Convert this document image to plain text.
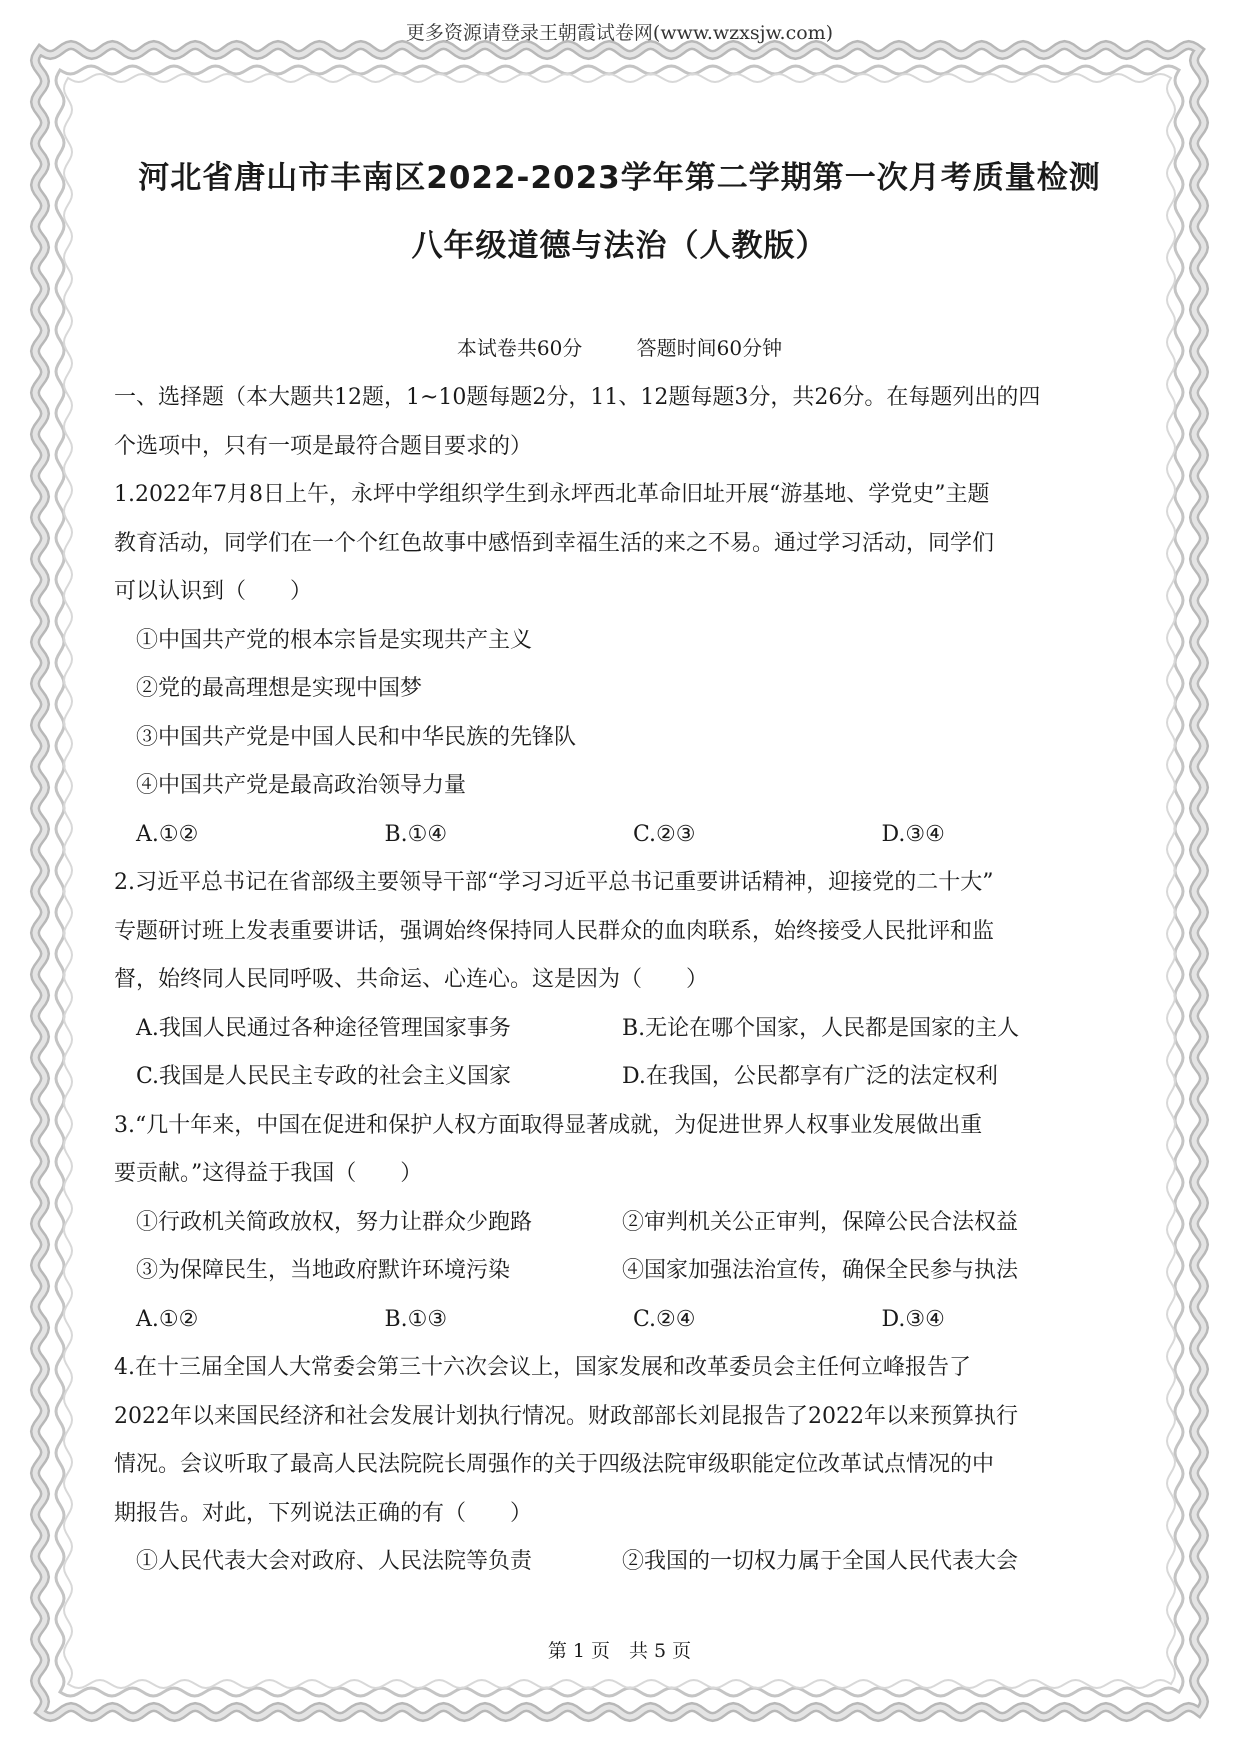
更多资源请登录王朝霞试卷网(www.wzxsjw.com)
河北省唐山市丰南区2022-2023学年第二学期第一次月考质量检测
八年级道德与法治（人教版）
本试卷共60分	答题时间60分钟

一、选择题（本大题共12题，1~10题每题2分，11、12题每题3分，共26分。在每题列出的四

个选项中，只有一项是最符合题目要求的）

1.2022年7月8日上午，永坪中学组织学生到永坪西北革命旧址开展“游基地、学党史”主题

教育活动，同学们在一个个红色故事中感悟到幸福生活的来之不易。通过学习活动，同学们

可以认识到（　　）

①中国共产党的根本宗旨是实现共产主义

②党的最高理想是实现中国梦

③中国共产党是中国人民和中华民族的先锋队

④中国共产党是最高政治领导力量

A.①②	B.①④	C.②③	D.③④

2.习近平总书记在省部级主要领导干部“学习习近平总书记重要讲话精神，迎接党的二十大”

专题研讨班上发表重要讲话，强调始终保持同人民群众的血肉联系，始终接受人民批评和监

督，始终同人民同呼吸、共命运、心连心。这是因为（　　）

A.我国人民通过各种途径管理国家事务	B.无论在哪个国家，人民都是国家的主人
C.我国是人民民主专政的社会主义国家	D.在我国，公民都享有广泛的法定权利

3.“几十年来，中国在促进和保护人权方面取得显著成就，为促进世界人权事业发展做出重

要贡献。”这得益于我国（　　）

①行政机关简政放权，努力让群众少跑路	②审判机关公正审判，保障公民合法权益
③为保障民生，当地政府默许环境污染	④国家加强法治宣传，确保全民参与执法
A.①②	B.①③	C.②④	D.③④

4.在十三届全国人大常委会第三十六次会议上，国家发展和改革委员会主任何立峰报告了

2022年以来国民经济和社会发展计划执行情况。财政部部长刘昆报告了2022年以来预算执行

情况。会议听取了最高人民法院院长周强作的关于四级法院审级职能定位改革试点情况的中

期报告。对此，下列说法正确的有（　　）

①人民代表大会对政府、人民法院等负责	②我国的一切权力属于全国人民代表大会
第 1 页　共 5 页
